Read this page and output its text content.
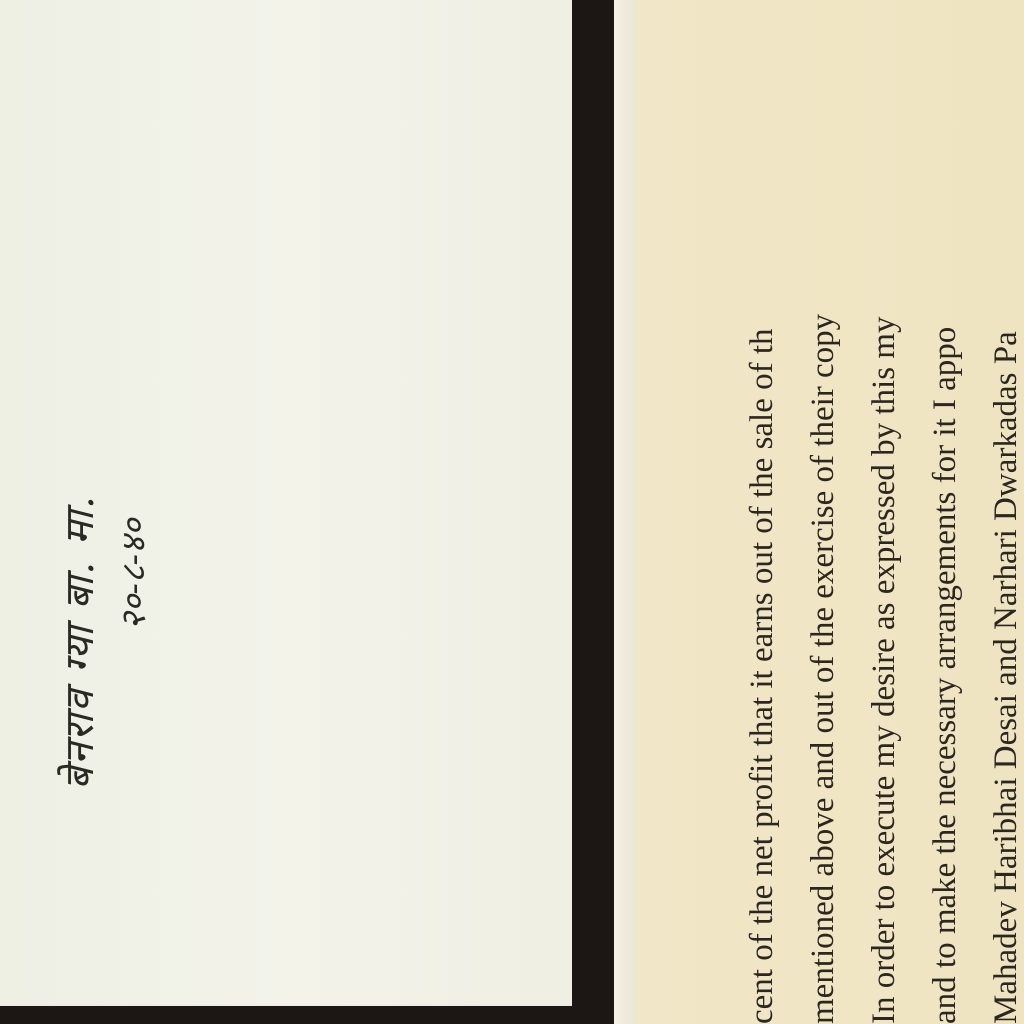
बेनराव ग्या बा. मा. २०-८-४०	cent of the net profit that it earns out of the sale of th mentioned above and out of the exercise of their copy In order to execute my desire as expressed by this my and to make the necessary arrangements for it I appo Mahadev Haribhai Desai and Narhari Dwarkadas Pa
